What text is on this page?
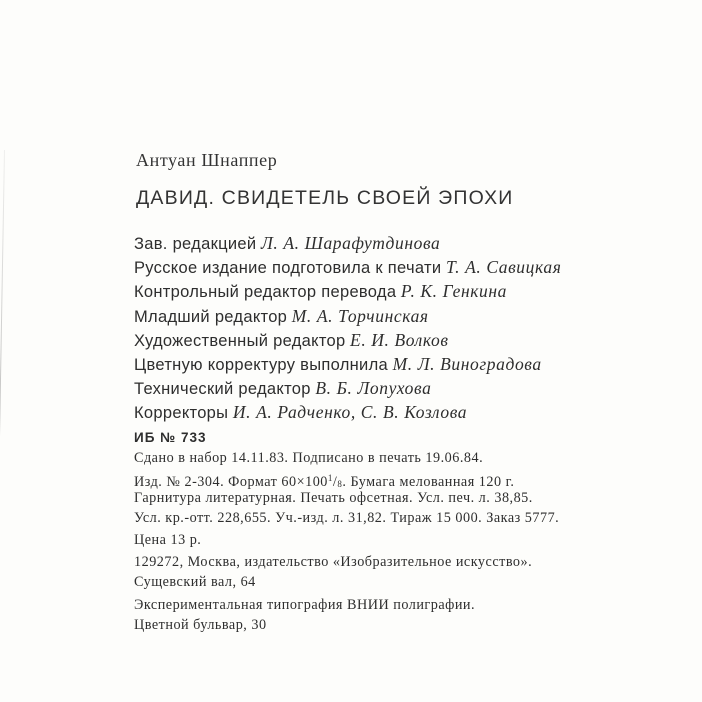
Антуан Шнаппер
ДАВИД. СВИДЕТЕЛЬ СВОЕЙ ЭПОХИ
Зав. редакцией Л. А. Шарафутдинова
Русское издание подготовила к печати Т. А. Савицкая
Контрольный редактор перевода Р. К. Генкина
Младший редактор М. А. Торчинская
Художественный редактор Е. И. Волков
Цветную корректуру выполнила М. Л. Виноградова
Технический редактор В. Б. Лопухова
Корректоры И. А. Радченко, С. В. Козлова
ИБ № 733
Сдано в набор 14.11.83. Подписано в печать 19.06.84.
Изд. № 2-304. Формат $60\times 100^1/_8$. Бумага мелованная 120 г.
Гарнитура литературная. Печать офсетная. Усл. печ. л. 38,85.
Усл. кр.-отт. 228,655. Уч.-изд. л. 31,82. Тираж 15 000. Заказ 5777.
Цена 13 р.
129272, Москва, издательство «Изобразительное искусство».
Сущевский вал, 64
Экспериментальная типография ВНИИ полиграфии.
Цветной бульвар, 30
